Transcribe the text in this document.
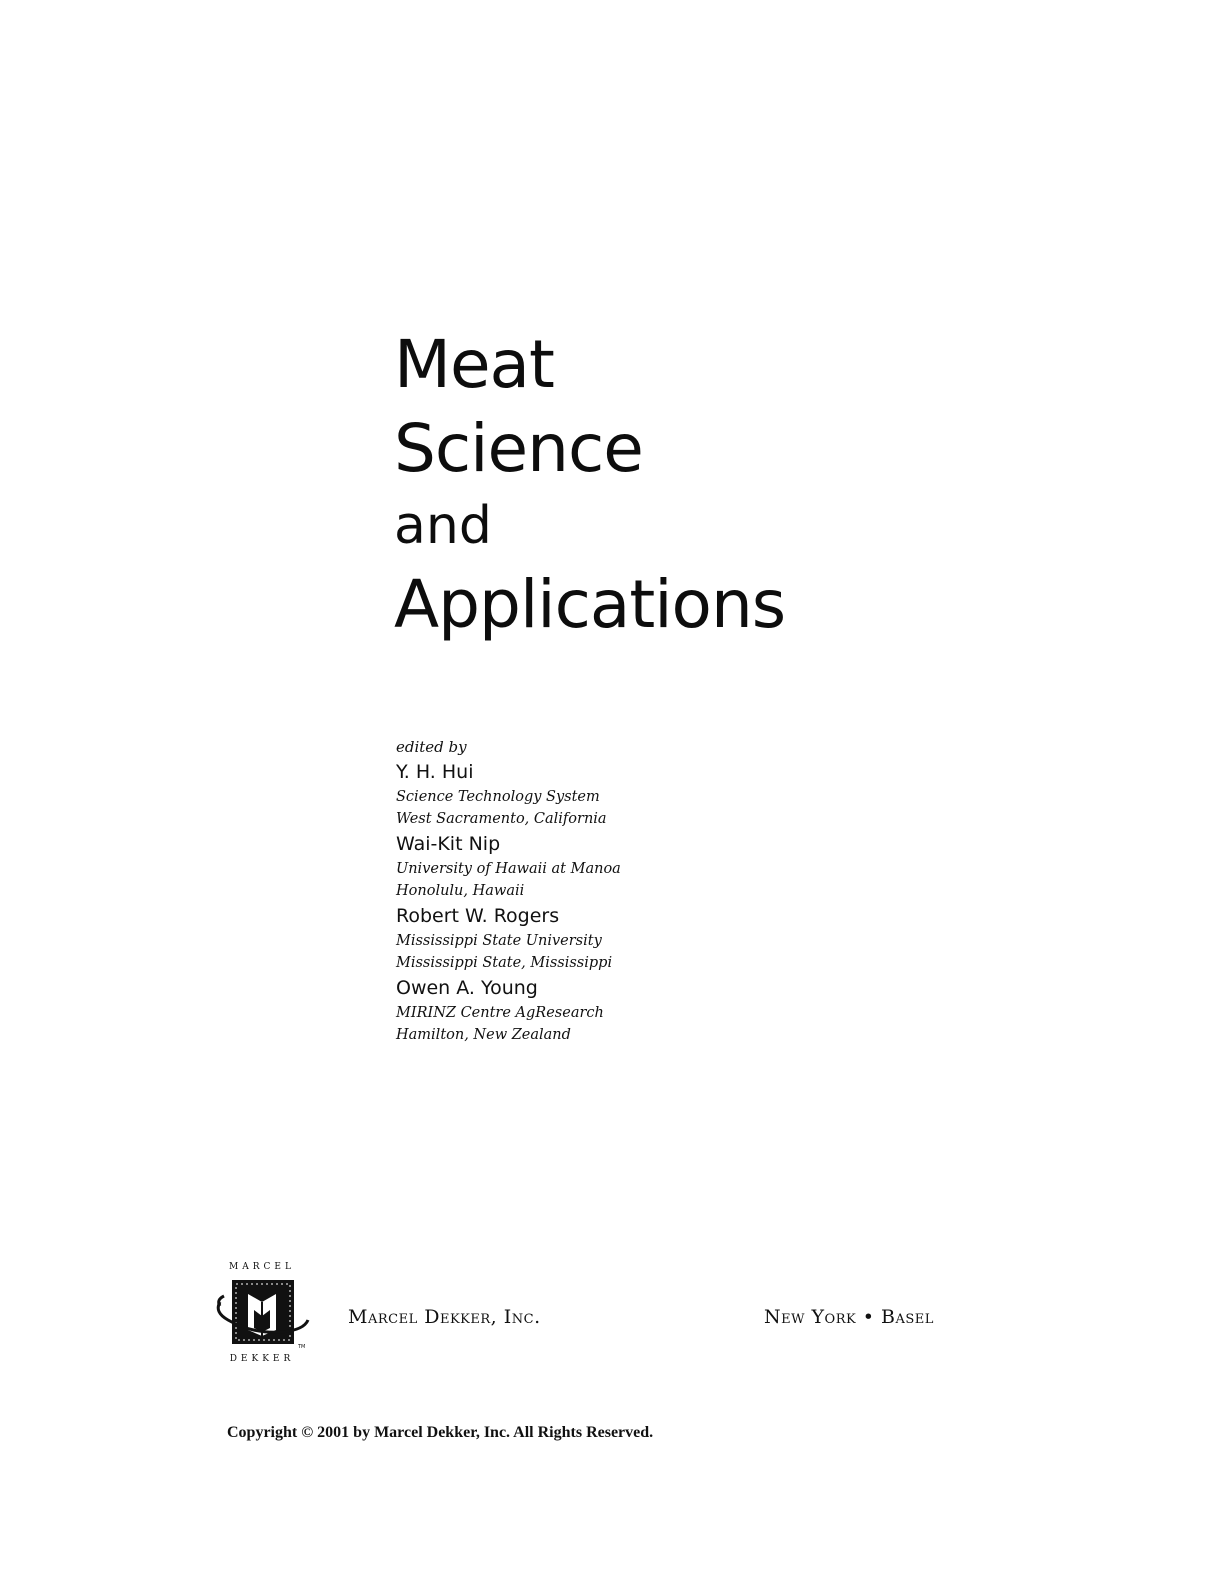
Meat
Science
and
Applications

edited by

Y. H. Hui

Science Technology System

West Sacramento, California

Wai-Kit Nip

University of Hawaii at Manoa

Honolulu, Hawaii

Robert W. Rogers

Mississippi State University

Mississippi State, Mississippi

Owen A. Young

MIRINZ Centre AgResearch

Hamilton, New Zealand

MARCEL
TM
DEKKER
Marcel Dekker, Inc.	New York • Basel
Copyright © 2001 by Marcel Dekker, Inc. All Rights Reserved.
